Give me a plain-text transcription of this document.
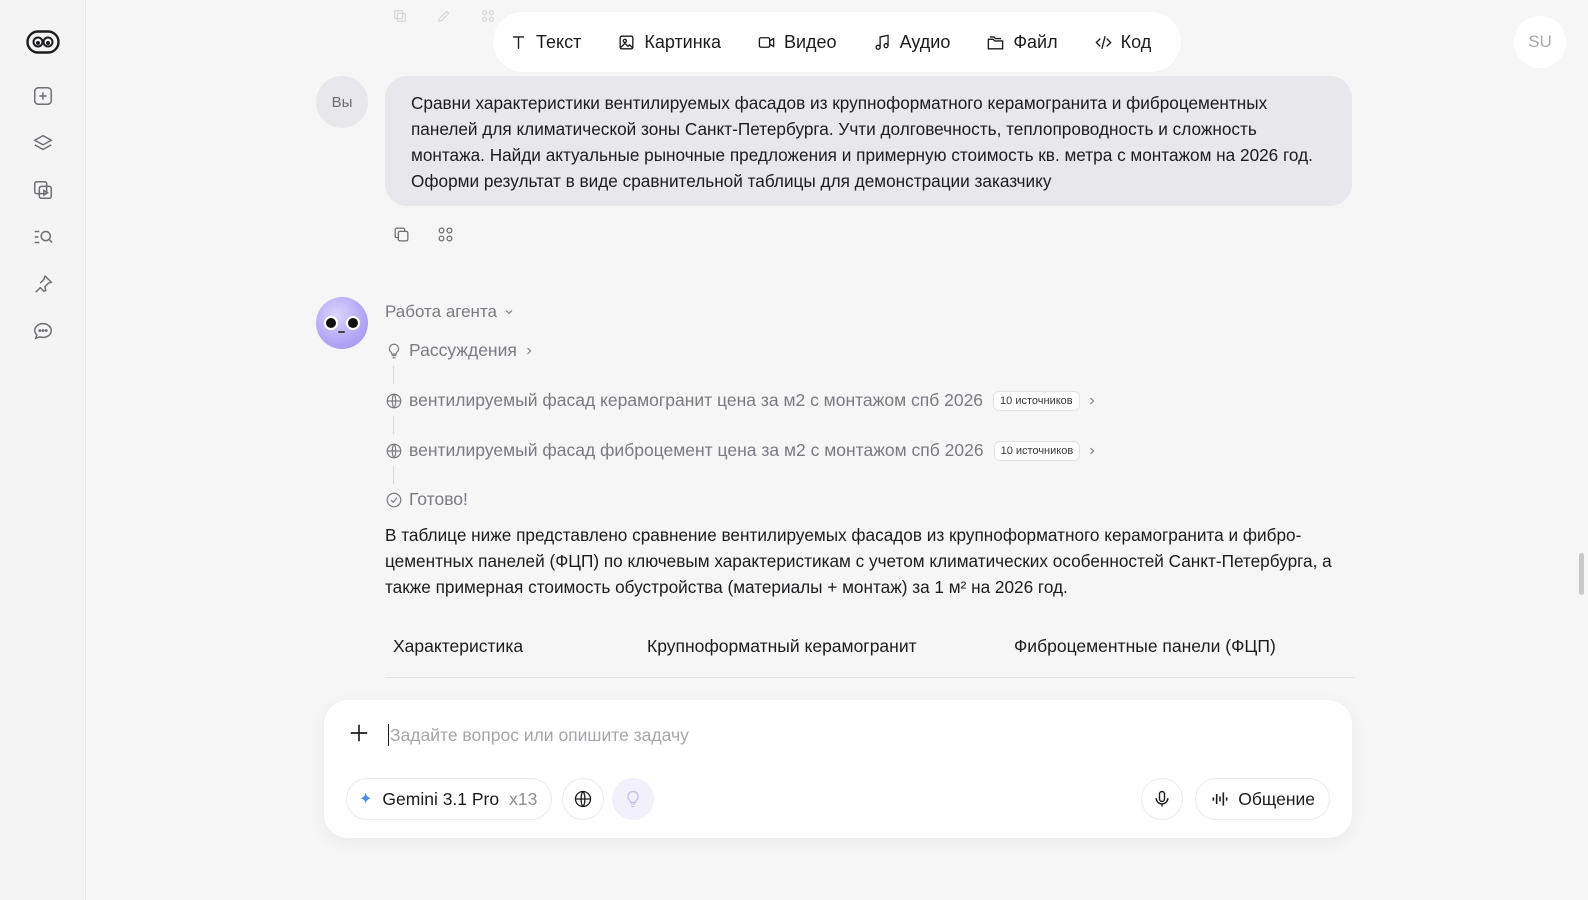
Текст	Картинка	Видео	Аудио	Файл	Код	SU
Вы	Сравни характеристики вентилируемых фасадов из крупноформатного керамогранита и фиброцементных панелей для климатической зоны Санкт-Петербурга. Учти долговечность, теплопроводность и сложность монтажа. Найди актуальные рыночные предложения и примерную стоимость кв. метра с монтажом на 2026 год. Оформи результат в виде сравнительной таблицы для демонстрации заказчику
Работа агента
Рассуждения
вентилируемый фасад керамогранит цена за м2 с монтажом спб 2026	10 источников
вентилируемый фасад фиброцемент цена за м2 с монтажом спб 2026	10 источников
Готово!
В таблице ниже представлено сравнение вентилируемых фасадов из крупноформатного керамогранита и фиброцементных панелей (ФЦП) по ключевым характеристикам с учетом климатических особенностей Санкт-Петербурга, а также примерная стоимость обустройства (материалы + монтаж) за 1 м² на 2026 год.
Характеристика	Крупноформатный керамогранит	Фиброцементные панели (ФЦП)
Задайте вопрос или опишите задачу
✦ Gemini 3.1 Pro x13	Общение
